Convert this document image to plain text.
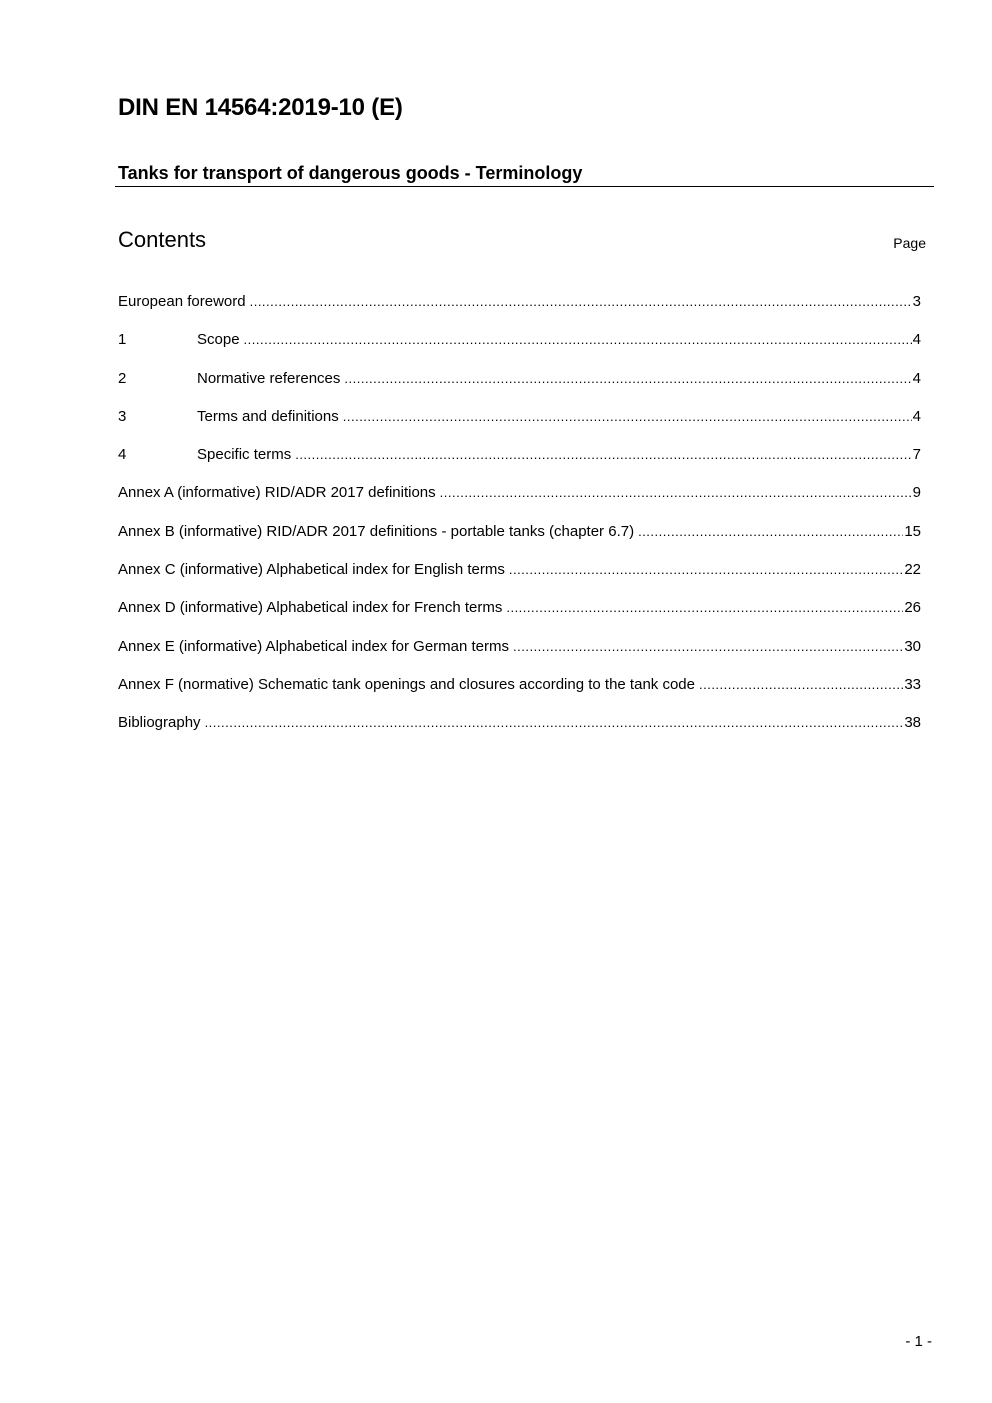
DIN EN 14564:2019-10 (E)
Tanks for transport of dangerous goods - Terminology
Contents	Page
European foreword .....	3
1	Scope .....	4
2	Normative references .....	4
3	Terms and definitions .....	4
4	Specific terms .....	7
Annex A (informative) RID/ADR 2017 definitions .....	9
Annex B (informative) RID/ADR 2017 definitions - portable tanks (chapter 6.7) .....	15
Annex C (informative) Alphabetical index for English terms .....	22
Annex D (informative) Alphabetical index for French terms .....	26
Annex E (informative) Alphabetical index for German terms .....	30
Annex F (normative) Schematic tank openings and closures according to the tank code .....	33
Bibliography .....	38
- 1 -
